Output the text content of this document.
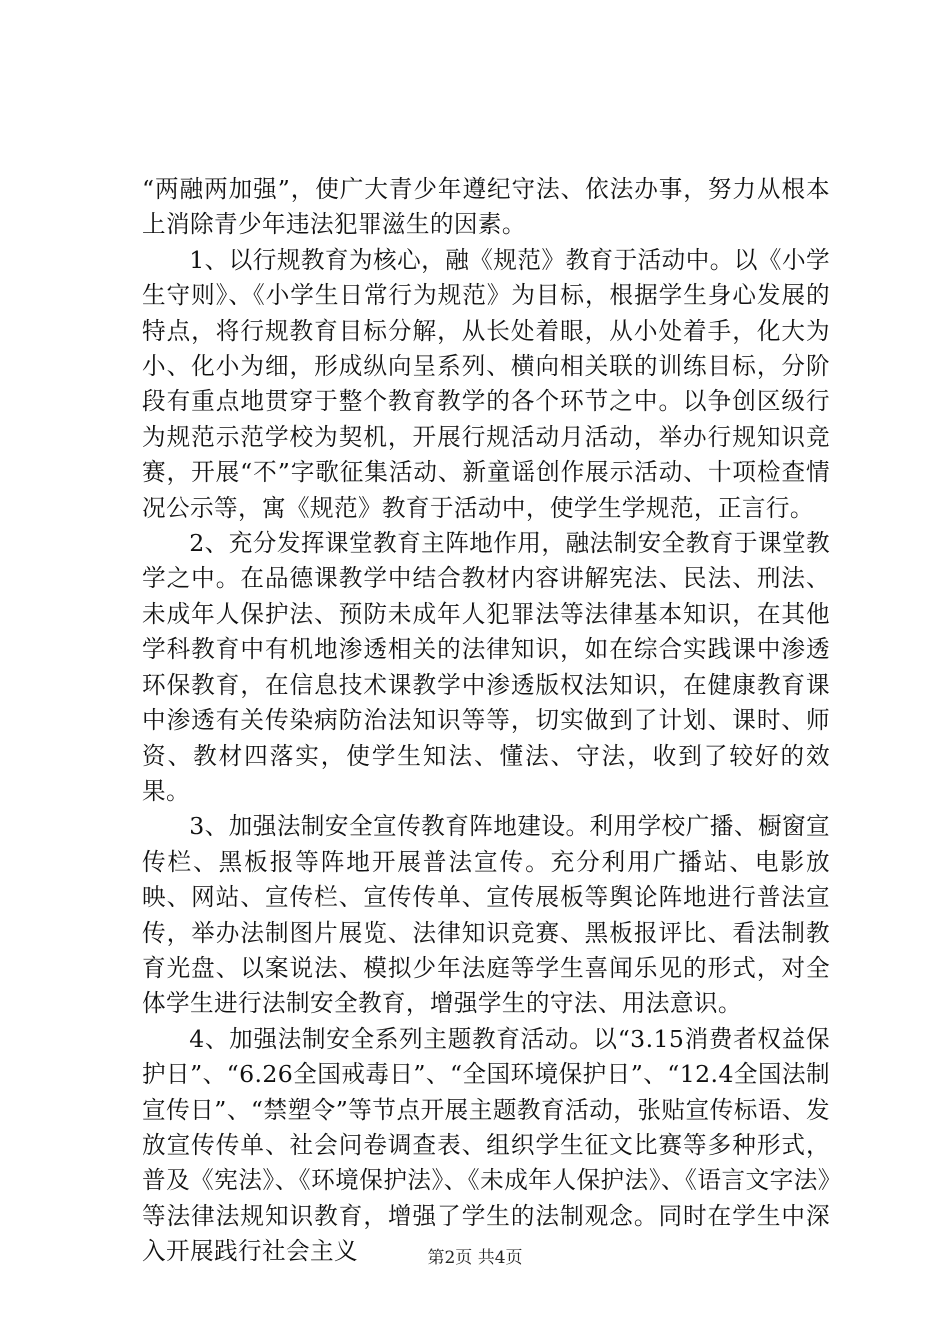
“两融两加强”，使广大青少年遵纪守法、依法办事，努力从根本上消除青少年违法犯罪滋生的因素。

1、以行规教育为核心，融《规范》教育于活动中。以《小学生守则》、《小学生日常行为规范》为目标，根据学生身心发展的特点，将行规教育目标分解，从长处着眼，从小处着手，化大为小、化小为细，形成纵向呈系列、横向相关联的训练目标，分阶段有重点地贯穿于整个教育教学的各个环节之中。以争创区级行为规范示范学校为契机，开展行规活动月活动，举办行规知识竞赛，开展“不”字歌征集活动、新童谣创作展示活动、十项检查情况公示等，寓《规范》教育于活动中，使学生学规范，正言行。

2、充分发挥课堂教育主阵地作用，融法制安全教育于课堂教学之中。在品德课教学中结合教材内容讲解宪法、民法、刑法、未成年人保护法、预防未成年人犯罪法等法律基本知识，在其他学科教育中有机地渗透相关的法律知识，如在综合实践课中渗透环保教育，在信息技术课教学中渗透版权法知识，在健康教育课中渗透有关传染病防治法知识等等，切实做到了计划、课时、师资、教材四落实，使学生知法、懂法、守法，收到了较好的效果。

3、加强法制安全宣传教育阵地建设。利用学校广播、橱窗宣传栏、黑板报等阵地开展普法宣传。充分利用广播站、电影放映、网站、宣传栏、宣传传单、宣传展板等舆论阵地进行普法宣传，举办法制图片展览、法律知识竞赛、黑板报评比、看法制教育光盘、以案说法、模拟少年法庭等学生喜闻乐见的形式，对全体学生进行法制安全教育，增强学生的守法、用法意识。

4、加强法制安全系列主题教育活动。以“3.15消费者权益保护日”、“6.26全国戒毒日”、“全国环境保护日”、“12.4全国法制宣传日”、“禁塑令”等节点开展主题教育活动，张贴宣传标语、发放宣传传单、社会问卷调查表、组织学生征文比赛等多种形式，普及《宪法》、《环境保护法》、《未成年人保护法》、《语言文字法》等法律法规知识教育，增强了学生的法制观念。同时在学生中深入开展践行社会主义	第2页 共4页
